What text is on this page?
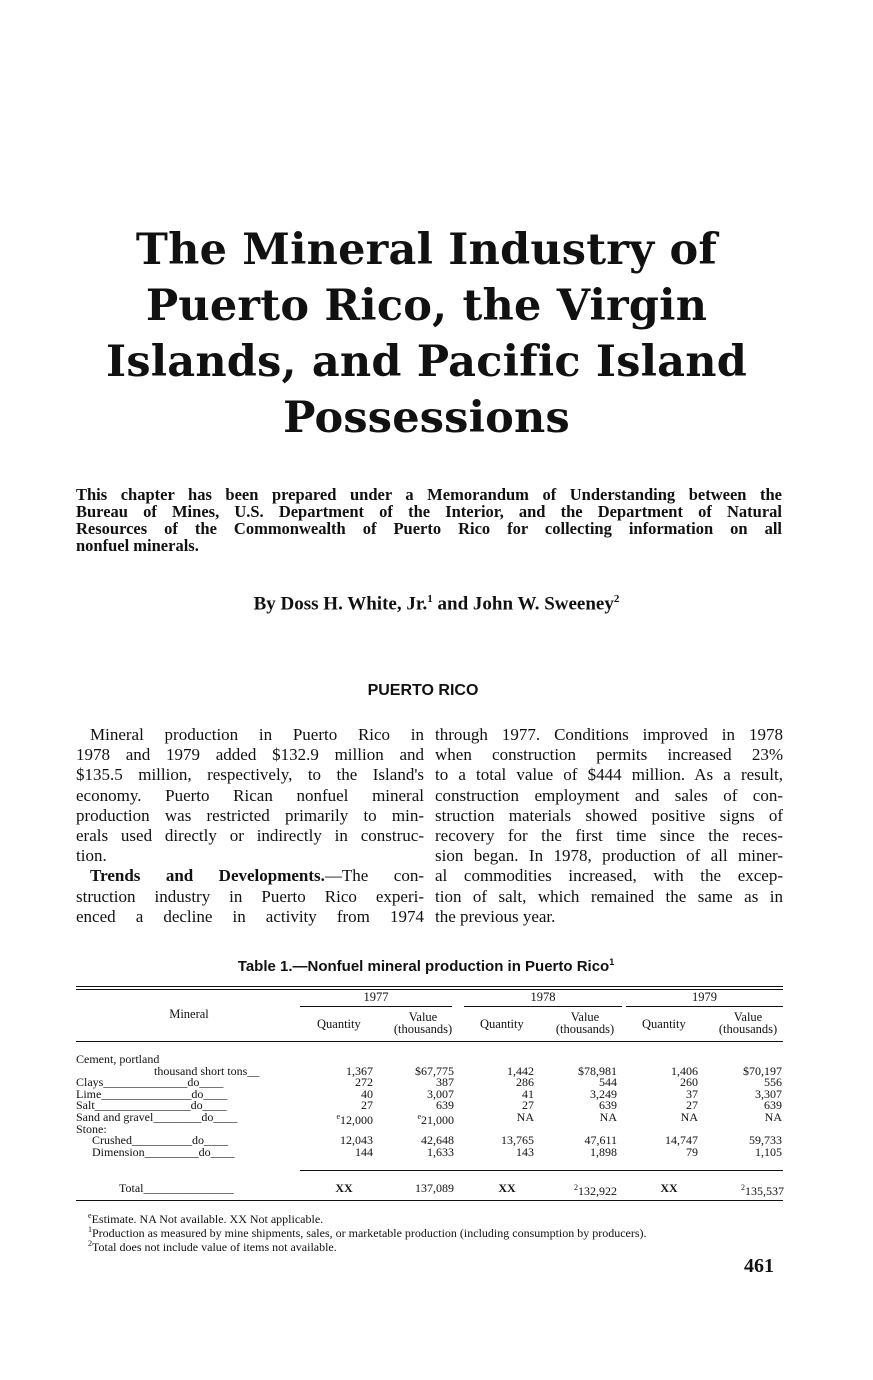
The Mineral Industry of
Puerto Rico, the Virgin
Islands, and Pacific Island
Possessions
This chapter has been prepared under a Memorandum of Understanding between the
Bureau of Mines, U.S. Department of the Interior, and the Department of Natural
Resources of the Commonwealth of Puerto Rico for collecting information on all
nonfuel minerals.
By Doss H. White, Jr.$^1$ and John W. Sweeney$^2$
PUERTO RICO
Mineral production in Puerto Rico in
1978 and 1979 added $132.9 million and
$135.5 million, respectively, to the Island's
economy. Puerto Rican nonfuel mineral
production was restricted primarily to min-
erals used directly or indirectly in construc-
tion.
Trends and Developments.—The con-
struction industry in Puerto Rico experi-
enced a decline in activity from 1974
through 1977. Conditions improved in 1978
when construction permits increased 23%
to a total value of $444 million. As a result,
construction employment and sales of con-
struction materials showed positive signs of
recovery for the first time since the reces-
sion began. In 1978, production of all miner-
al commodities increased, with the excep-
tion of salt, which remained the same as in
the previous year.
Table 1.—Nonfuel mineral production in Puerto Rico$^1$
1977	1978	1979
Mineral
Quantity	Value
(thousands)	Quantity	Value
(thousands)	Quantity	Value
(thousands)
Cement, portland
thousand short tons__	1,367	$67,775	1,442	$78,981	1,406	$70,197
Clays______________do____	272	387	286	544	260	556
Lime_______________do____	40	3,007	41	3,249	37	3,307
Salt________________do____	27	639	27	639	27	639
Sand and gravel________do____	$^e$12,000	$^e$21,000	NA	NA	NA	NA
Stone:
Crushed__________do____	12,043	42,648	13,765	47,611	14,747	59,733
Dimension_________do____	144	1,633	143	1,898	79	1,105
Total_______________	XX	137,089	XX	$^2$132,922	XX	$^2$135,537
$^e$Estimate. NA Not available. XX Not applicable.
$^1$Production as measured by mine shipments, sales, or marketable production (including consumption by producers).
$^2$Total does not include value of items not available.
461
